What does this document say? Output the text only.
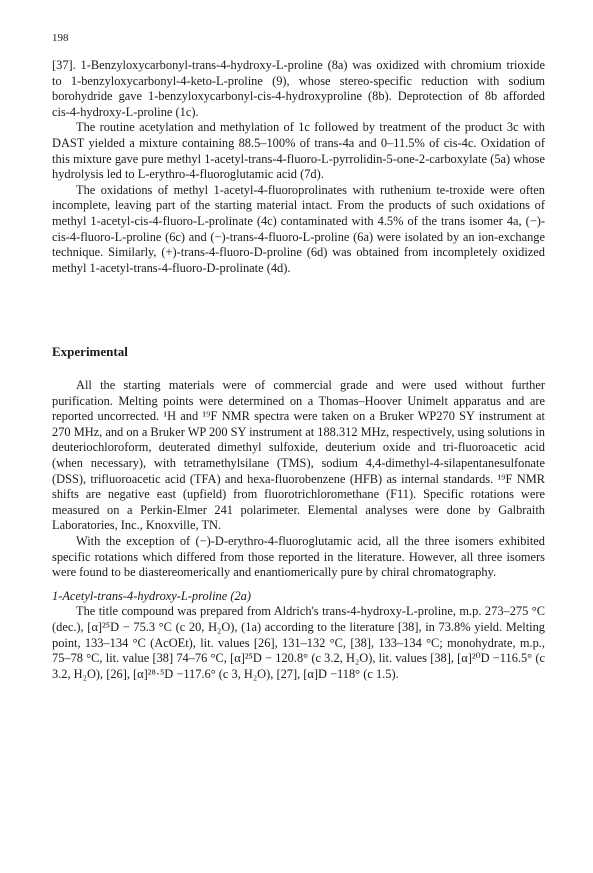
198

[37]. 1-Benzyloxycarbonyl-trans-4-hydroxy-L-proline (8a) was oxidized with chromium trioxide to 1-benzyloxycarbonyl-4-keto-L-proline (9), whose stereo-specific reduction with sodium borohydride gave 1-benzyloxycarbonyl-cis-4-hydroxyproline (8b). Deprotection of 8b afforded cis-4-hydroxy-L-proline (1c).

The routine acetylation and methylation of 1c followed by treatment of the product 3c with DAST yielded a mixture containing 88.5–100% of trans-4a and 0–11.5% of cis-4c. Oxidation of this mixture gave pure methyl 1-acetyl-trans-4-fluoro-L-pyrrolidin-5-one-2-carboxylate (5a) whose hydrolysis led to L-erythro-4-fluoroglutamic acid (7d).

The oxidations of methyl 1-acetyl-4-fluoroprolinates with ruthenium te-troxide were often incomplete, leaving part of the starting material intact. From the products of such oxidations of methyl 1-acetyl-cis-4-fluoro-L-prolinate (4c) contaminated with 4.5% of the trans isomer 4a, (−)-cis-4-fluoro-L-proline (6c) and (−)-trans-4-fluoro-L-proline (6a) were isolated by an ion-exchange technique. Similarly, (+)-trans-4-fluoro-D-proline (6d) was obtained from incompletely oxidized methyl 1-acetyl-trans-4-fluoro-D-prolinate (4d).

Experimental

All the starting materials were of commercial grade and were used without further purification. Melting points were determined on a Thomas–Hoover Unimelt apparatus and are reported uncorrected. ¹H and ¹⁹F NMR spectra were taken on a Bruker WP270 SY instrument at 270 MHz, and on a Bruker WP 200 SY instrument at 188.312 MHz, respectively, using solutions in deuteriochloroform, deuterated dimethyl sulfoxide, deuterium oxide and tri-fluoroacetic acid (when necessary), with tetramethylsilane (TMS), sodium 4,4-dimethyl-4-silapentanesulfonate (DSS), trifluoroacetic acid (TFA) and hexa-fluorobenzene (HFB) as internal standards. ¹⁹F NMR shifts are negative east (upfield) from fluorotrichloromethane (F11). Specific rotations were measured on a Perkin-Elmer 241 polarimeter. Elemental analyses were done by Galbraith Laboratories, Inc., Knoxville, TN.

With the exception of (−)-D-erythro-4-fluoroglutamic acid, all the three isomers exhibited specific rotations which differed from those reported in the literature. However, all three isomers were found to be diastereomerically and enantiomerically pure by chiral chromatography.

1-Acetyl-trans-4-hydroxy-L-proline (2a)

The title compound was prepared from Aldrich's trans-4-hydroxy-L-proline, m.p. 273–275 °C (dec.), [α]²⁵D − 75.3 °C (c 20, H₂O), (1a) according to the literature [38], in 73.8% yield. Melting point, 133–134 °C (AcOEt), lit. values [26], 131–132 °C, [38], 133–134 °C; monohydrate, m.p., 75–78 °C, lit. value [38] 74–76 °C, [α]²⁵D − 120.8° (c 3.2, H₂O), lit. values [38], [α]²⁰D −116.5° (c 3.2, H₂O), [26], [α]²⁸·⁵D −117.6° (c 3, H₂O), [27], [α]D −118° (c 1.5).
